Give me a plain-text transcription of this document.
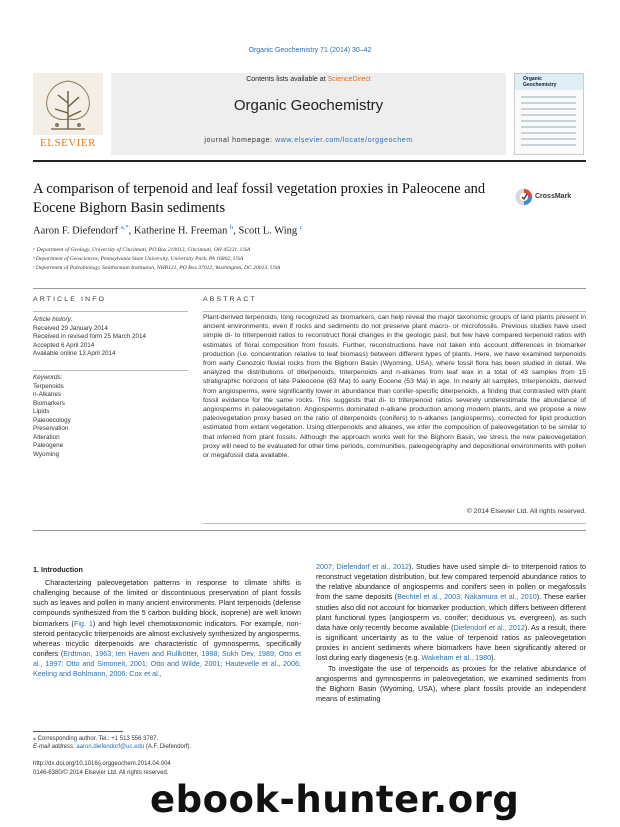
Organic Geochemistry 71 (2014) 30–42
ELSEVIER
Contents lists available at ScienceDirect
Organic Geochemistry
journal homepage: www.elsevier.com/locate/orggeochem
Organic
Geochemistry
A comparison of terpenoid and leaf fossil vegetation proxies in Paleocene and Eocene Bighorn Basin sediments
CrossMark
Aaron F. Diefendorf $^{a,*}$, Katherine H. Freeman $^b$, Scott L. Wing $^c$
ᵃ Department of Geology, University of Cincinnati, PO Box 210013, Cincinnati, OH 45221, USA
ᵇ Department of Geosciences, Pennsylvania State University, University Park, PA 16802, USA
ᶜ Department of Paleobiology, Smithsonian Institution, NHB121, PO Box 37012, Washington, DC 20013, USA
ARTICLE INFO	ABSTRACT
Article history:
Received 29 January 2014
Received in revised form 25 March 2014
Accepted 6 April 2014
Available online 13 April 2014
Keywords:
Terpenoids
n-Alkanes
Biomarkers
Lipids
Paleoecology
Preservation
Alteration
Paleogene
Wyoming
Plant-derived terpenoids, long recognized as biomarkers, can help reveal the major taxonomic groups of land plants present in ancient environments, even if rocks and sediments do not preserve plant macro- or microfossils. Previous studies have used simple di- to triterpenoid ratios to reconstruct floral changes in the geologic past, but few have compared terpenoid ratios with estimates of floral composition from fossils. Further, reconstructions have not taken into account differences in biomarker production (i.e. concentration relative to leaf biomass) between different types of plants. Here, we have examined terpenoids from early Cenozoic fluvial rocks from the Bighorn Basin (Wyoming, USA), where fossil flora has been studied in detail. We analyzed the distributions of diterpenoids, triterpenoids and n-alkanes from leaf wax in a total of 43 samples from 15 stratigraphic horizons of late Paleocene (63 Ma) to early Eocene (53 Ma) in age. In nearly all samples, triterpenoids, derived from angiosperms, were significantly lower in abundance than conifer-specific diterpenoids, a finding that contrasted with plant fossil evidence for the same rocks. This suggests that di- to triterpenoid ratios severely underestimate the abundance of angiosperms in paleovegetation. Angiosperms dominated n-alkane production among modern plants, and we propose a new paleovegetation proxy based on the ratio of diterpenoids (conifers) to n-alkanes (angiosperms), corrected for lipid production estimated from extant vegetation. Using diterpenoids and alkanes, we infer the composition of paleovegetation to be similar to that inferred from plant fossils. Although the approach works well for the Bighorn Basin, we stress the new paleovegetation proxy will need to be evaluated for other time periods, communities, paleogeography and depositional environments with pollen or megafossil data available.
© 2014 Elsevier Ltd. All rights reserved.
1. Introduction

Characterizing paleovegetation patterns in response to climate shifts is challenging because of the limited or discontinuous preservation of plant fossils such as leaves and pollen in many ancient environments. Plant terpenoids (defense compounds synthesized from the 5 carbon building block, isoprene) are well known biomarkers (Fig. 1) and high level chemotaxonomic indicators. For example, non-steroid pentacyclic triterpenoids are almost exclusively synthesized by angiosperms, whereas tricyclic diterpenoids are characteristic of gymnosperms, specifically conifers (Erdtman, 1963; ten Haven and Rullkötter, 1988; Sukh Dev, 1989; Otto et al., 1997; Otto and Simoneit, 2001; Otto and Wilde, 2001; Hautevelle et al., 2006; Keeling and Bohlmann, 2006; Cox et al.,

2007; Diefendorf et al., 2012). Studies have used simple di- to triterpenoid ratios to reconstruct vegetation distribution, but few compared terpenoid abundance ratios to the relative abundance of angiosperms and conifers seen in pollen or megafossils from the same deposits (Bechtel et al., 2003; Nakamura et al., 2010). These earlier studies also did not account for biomarker production, which differs between different plant functional types (angiosperm vs. conifer; deciduous vs. evergreen), as such data have only recently become available (Diefendorf et al., 2012). As a result, there is significant uncertainty as to the value of terpenoid ratios as paleovegetation proxies in ancient sediments where biomarkers have been significantly altered or lost during early diagenesis (e.g. Wakeham et al., 1980).

To investigate the use of terpenoids as proxies for the relative abundance of angiosperms and gymnosperms in paleovegetation, we examined sediments from the Bighorn Basin (Wyoming, USA), where plant fossils provide an independent means of estimating

⁎ Corresponding author. Tel.: +1 513 556 3787.
E-mail address: aaron.diefendorf@uc.edu (A.F. Diefendorf).
http://dx.doi.org/10.1016/j.orggeochem.2014.04.004
0146-6380/© 2014 Elsevier Ltd. All rights reserved.
ebook-hunter.org
